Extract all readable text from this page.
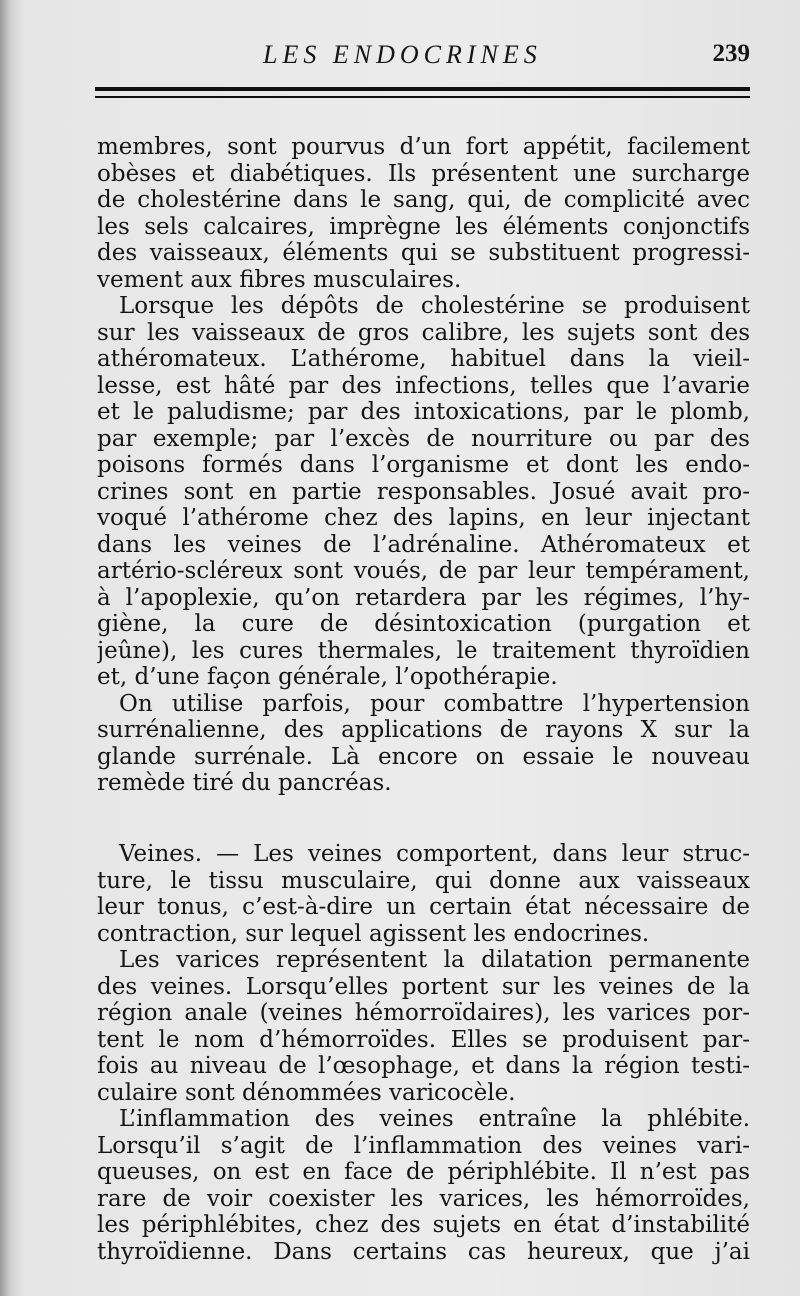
LES ENDOCRINES	239
membres, sont pourvus d’un fort appétit, facilement
obèses et diabétiques. Ils présentent une surcharge
de cholestérine dans le sang, qui, de complicité avec
les sels calcaires, imprègne les éléments conjonctifs
des vaisseaux, éléments qui se substituent progressi-
vement aux fibres musculaires.
Lorsque les dépôts de cholestérine se produisent
sur les vaisseaux de gros calibre, les sujets sont des
athéromateux. L’athérome, habituel dans la vieil-
lesse, est hâté par des infections, telles que l’avarie
et le paludisme; par des intoxications, par le plomb,
par exemple; par l’excès de nourriture ou par des
poisons formés dans l’organisme et dont les endo-
crines sont en partie responsables. Josué avait pro-
voqué l’athérome chez des lapins, en leur injectant
dans les veines de l’adrénaline. Athéromateux et
artério-scléreux sont voués, de par leur tempérament,
à l’apoplexie, qu’on retardera par les régimes, l’hy-
giène, la cure de désintoxication (purgation et
jeûne), les cures thermales, le traitement thyroïdien
et, d’une façon générale, l’opothérapie.
On utilise parfois, pour combattre l’hypertension
surrénalienne, des applications de rayons X sur la
glande surrénale. Là encore on essaie le nouveau
remède tiré du pancréas.
Veines. — Les veines comportent, dans leur struc-
ture, le tissu musculaire, qui donne aux vaisseaux
leur tonus, c’est-à-dire un certain état nécessaire de
contraction, sur lequel agissent les endocrines.
Les varices représentent la dilatation permanente
des veines. Lorsqu’elles portent sur les veines de la
région anale (veines hémorroïdaires), les varices por-
tent le nom d’hémorroïdes. Elles se produisent par-
fois au niveau de l’œsophage, et dans la région testi-
culaire sont dénommées varicocèle.
L’inflammation des veines entraîne la phlébite.
Lorsqu’il s’agit de l’inflammation des veines vari-
queuses, on est en face de périphlébite. Il n’est pas
rare de voir coexister les varices, les hémorroïdes,
les périphlébites, chez des sujets en état d’instabilité
thyroïdienne. Dans certains cas heureux, que j’ai
